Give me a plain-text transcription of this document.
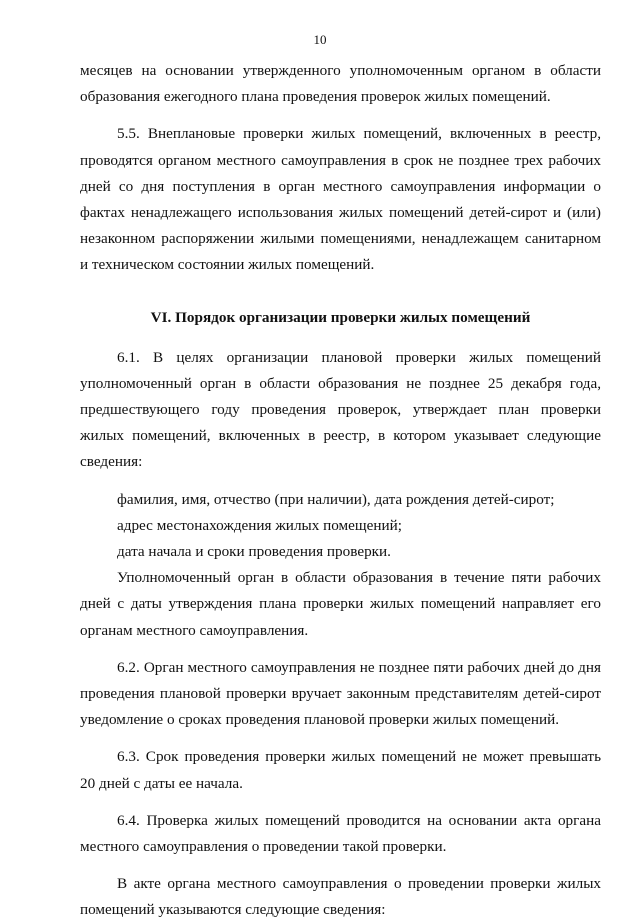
10

месяцев на основании утвержденного уполномоченным органом в области образования ежегодного плана проведения проверок жилых помещений.

5.5. Внеплановые проверки жилых помещений, включенных в реестр, проводятся органом местного самоуправления в срок не позднее трех рабочих дней со дня поступления в орган местного самоуправления информации о фактах ненадлежащего использования жилых помещений детей-сирот и (или) незаконном распоряжении жилыми помещениями, ненадлежащем санитарном и техническом состоянии жилых помещений.

VI. Порядок организации проверки жилых помещений

6.1. В целях организации плановой проверки жилых помещений уполномоченный орган в области образования не позднее 25 декабря года, предшествующего году проведения проверок, утверждает план проверки жилых помещений, включенных в реестр, в котором указывает следующие сведения:

фамилия, имя, отчество (при наличии), дата рождения детей-сирот;

адрес местонахождения жилых помещений;

дата начала и сроки проведения проверки.

Уполномоченный орган в области образования в течение пяти рабочих дней с даты утверждения плана проверки жилых помещений направляет его органам местного самоуправления.

6.2. Орган местного самоуправления не позднее пяти рабочих дней до дня проведения плановой проверки вручает законным представителям детей-сирот уведомление о сроках проведения плановой проверки жилых помещений.

6.3. Срок проведения проверки жилых помещений не может превышать 20 дней с даты ее начала.

6.4. Проверка жилых помещений проводится на основании акта органа местного самоуправления о проведении такой проверки.

В акте органа местного самоуправления о проведении проверки жилых помещений указываются следующие сведения:
